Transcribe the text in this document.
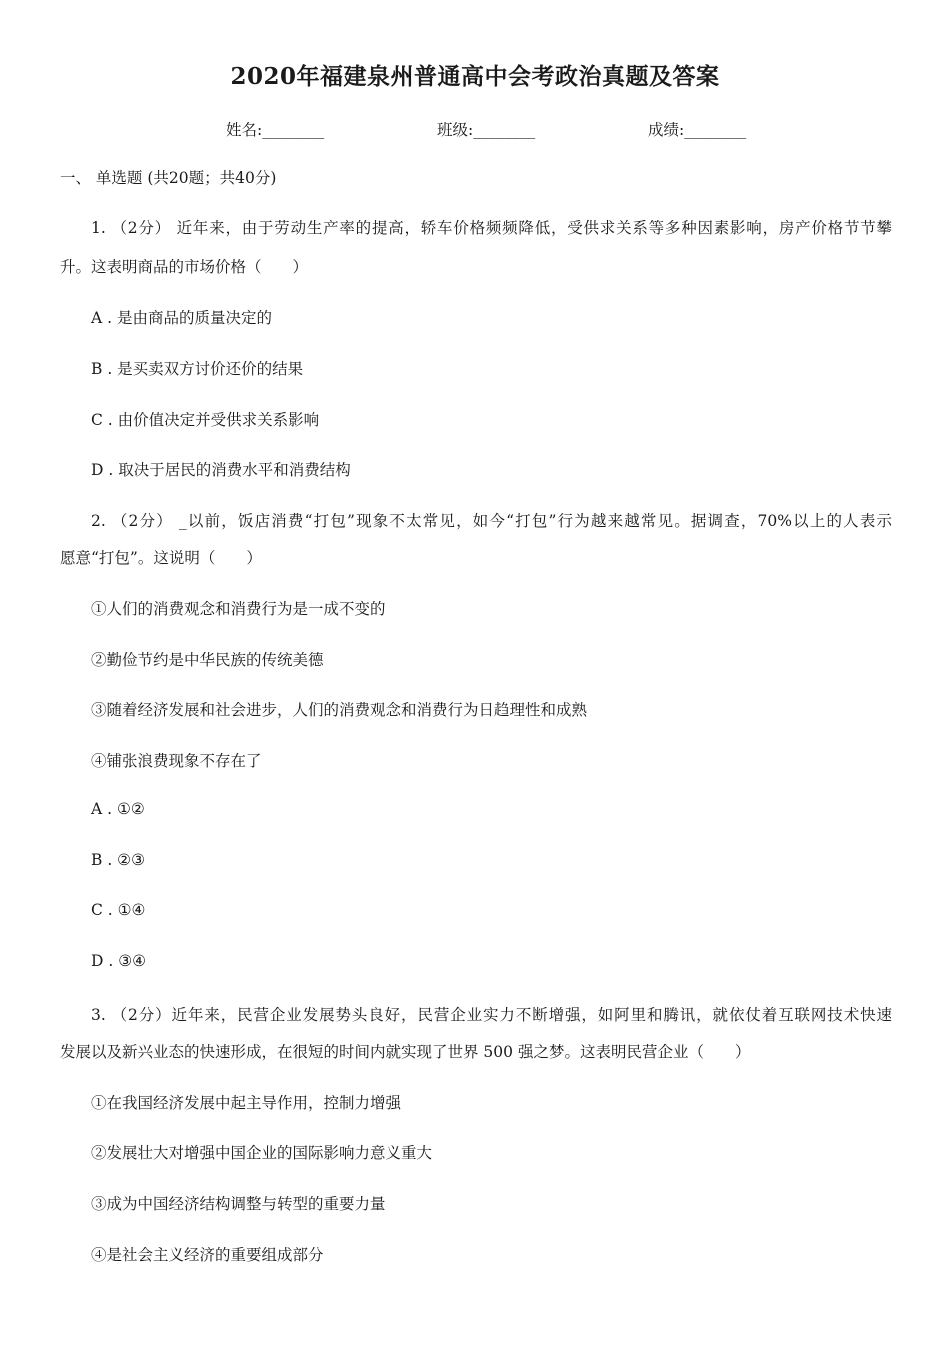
2020年福建泉州普通高中会考政治真题及答案
姓名:________	班级:________	成绩:________
一、 单选题 (共20题；共40分)
1. （2分） 近年来，由于劳动生产率的提高，轿车价格频频降低，受供求关系等多种因素影响，房产价格节节攀
升。这表明商品的市场价格（　　）
A . 是由商品的质量决定的
B . 是买卖双方讨价还价的结果
C . 由价值决定并受供求关系影响
D . 取决于居民的消费水平和消费结构
2. （2分） _以前，饭店消费“打包”现象不太常见，如今“打包”行为越来越常见。据调查，70%以上的人表示
愿意“打包”。这说明（　　）
①人们的消费观念和消费行为是一成不变的
②勤俭节约是中华民族的传统美德
③随着经济发展和社会进步，人们的消费观念和消费行为日趋理性和成熟
④铺张浪费现象不存在了
A . ①②
B . ②③
C . ①④
D . ③④
3. （2分）近年来，民营企业发展势头良好，民营企业实力不断增强，如阿里和腾讯，就依仗着互联网技术快速
发展以及新兴业态的快速形成，在很短的时间内就实现了世界 500 强之梦。这表明民营企业（　　）
①在我国经济发展中起主导作用，控制力增强
②发展壮大对增强中国企业的国际影响力意义重大
③成为中国经济结构调整与转型的重要力量
④是社会主义经济的重要组成部分
